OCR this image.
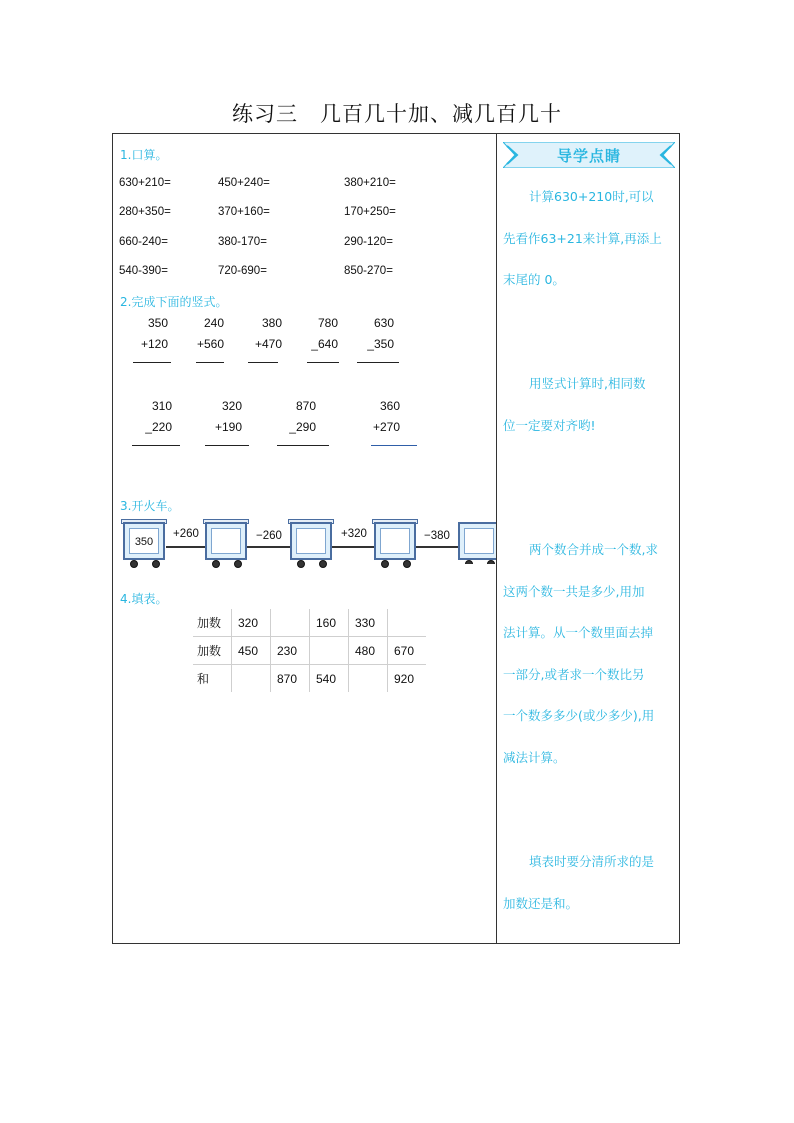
练习三　几百几十加、减几百几十
1.口算。
630+210=	450+240=	380+210=
280+350=	370+160=	170+250=
660-240=	380-170=	290-120=
540-390=	720-690=	850-270=
2.完成下面的竖式。
350
+120
240
+560
380
+470
780
_640
630
_350
310
_220
320
+190
870
_290
360
+270
3.开火车。
350
+260	−260	+320	−380
4.填表。
加数	320		160	330	
加数	450	230		480	670
和		870	540		920
导学点睛
计算630+210时,可以
先看作63+21来计算,再添上
末尾的 0。
用竖式计算时,相同数
位一定要对齐哟!
两个数合并成一个数,求
这两个数一共是多少,用加
法计算。从一个数里面去掉
一部分,或者求一个数比另
一个数多多少(或少多少),用
减法计算。
填表时要分清所求的是
加数还是和。
